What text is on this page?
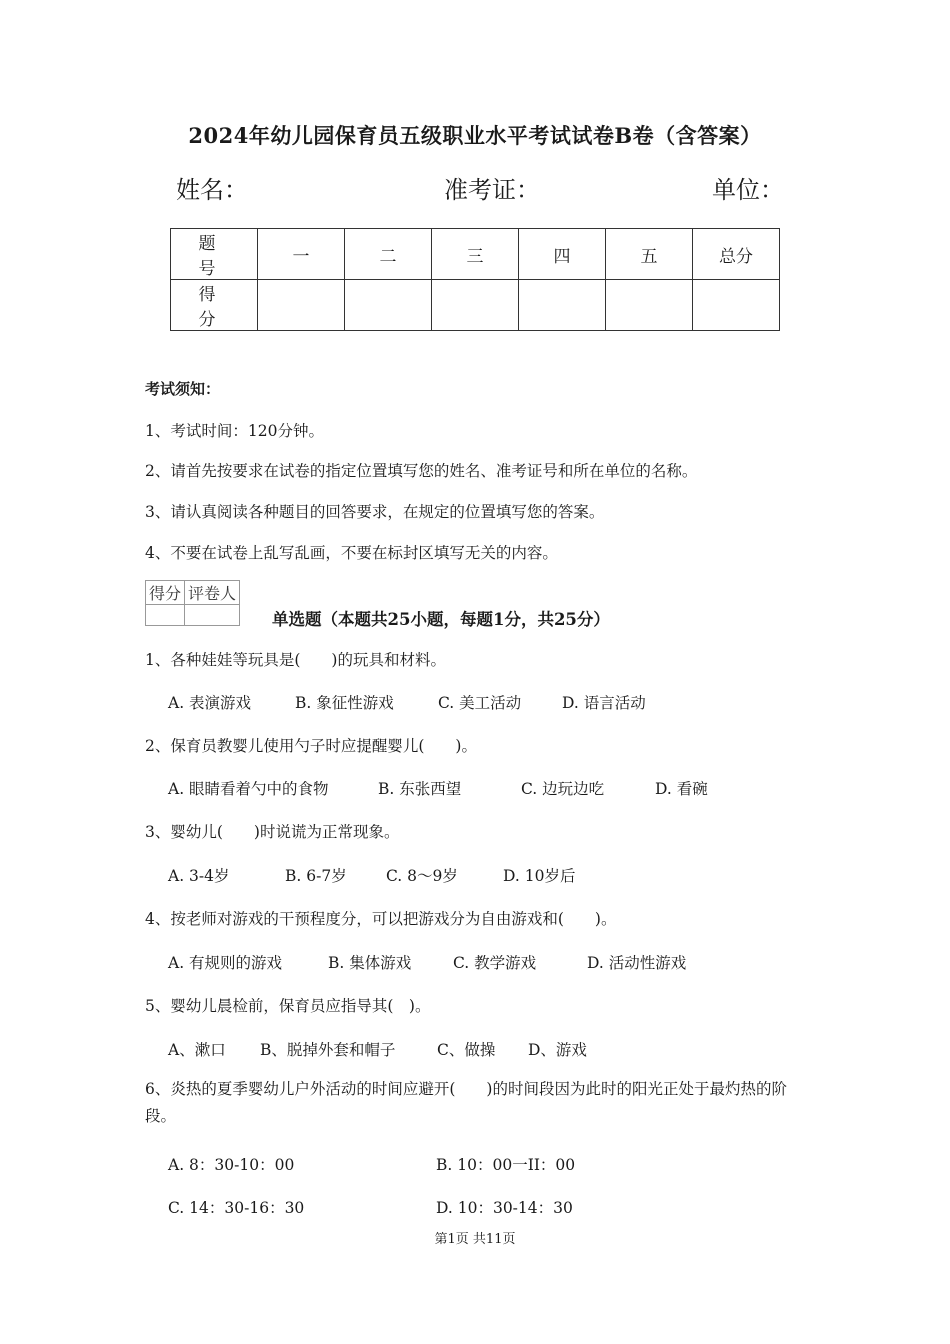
2024年幼儿园保育员五级职业水平考试试卷B卷（含答案）
姓名：	准考证：	单位：
题　号	一	二	三	四	五	总分
得　分						
考试须知：
1、考试时间：120分钟。
2、请首先按要求在试卷的指定位置填写您的姓名、准考证号和所在单位的名称。
3、请认真阅读各种题目的回答要求，在规定的位置填写您的答案。
4、不要在试卷上乱写乱画，不要在标封区填写无关的内容。
得分	评卷人

单选题（本题共25小题，每题1分，共25分）
1、各种娃娃等玩具是(　　)的玩具和材料。
A. 表演游戏	B. 象征性游戏	C. 美工活动	D. 语言活动
2、保育员教婴儿使用勺子时应提醒婴儿(　　)。
A. 眼睛看着勺中的食物	B. 东张西望	C. 边玩边吃	D. 看碗
3、婴幼儿(　　)时说谎为正常现象。
A. 3-4岁	B. 6-7岁	C. 8～9岁	D. 10岁后
4、按老师对游戏的干预程度分，可以把游戏分为自由游戏和(　　)。
A. 有规则的游戏	B. 集体游戏	C. 教学游戏	D. 活动性游戏
5、婴幼儿晨检前，保育员应指导其(　)。
A、漱口 B、脱掉外套和帽子	C、做操 D、游戏
6、炎热的夏季婴幼儿户外活动的时间应避开(　　)的时间段因为此时的阳光正处于最灼热的阶段。
A. 8：30-10：00	B. 10：00一II：00
C. 14：30-16：30	D. 10：30-14：30
第1页 共11页
